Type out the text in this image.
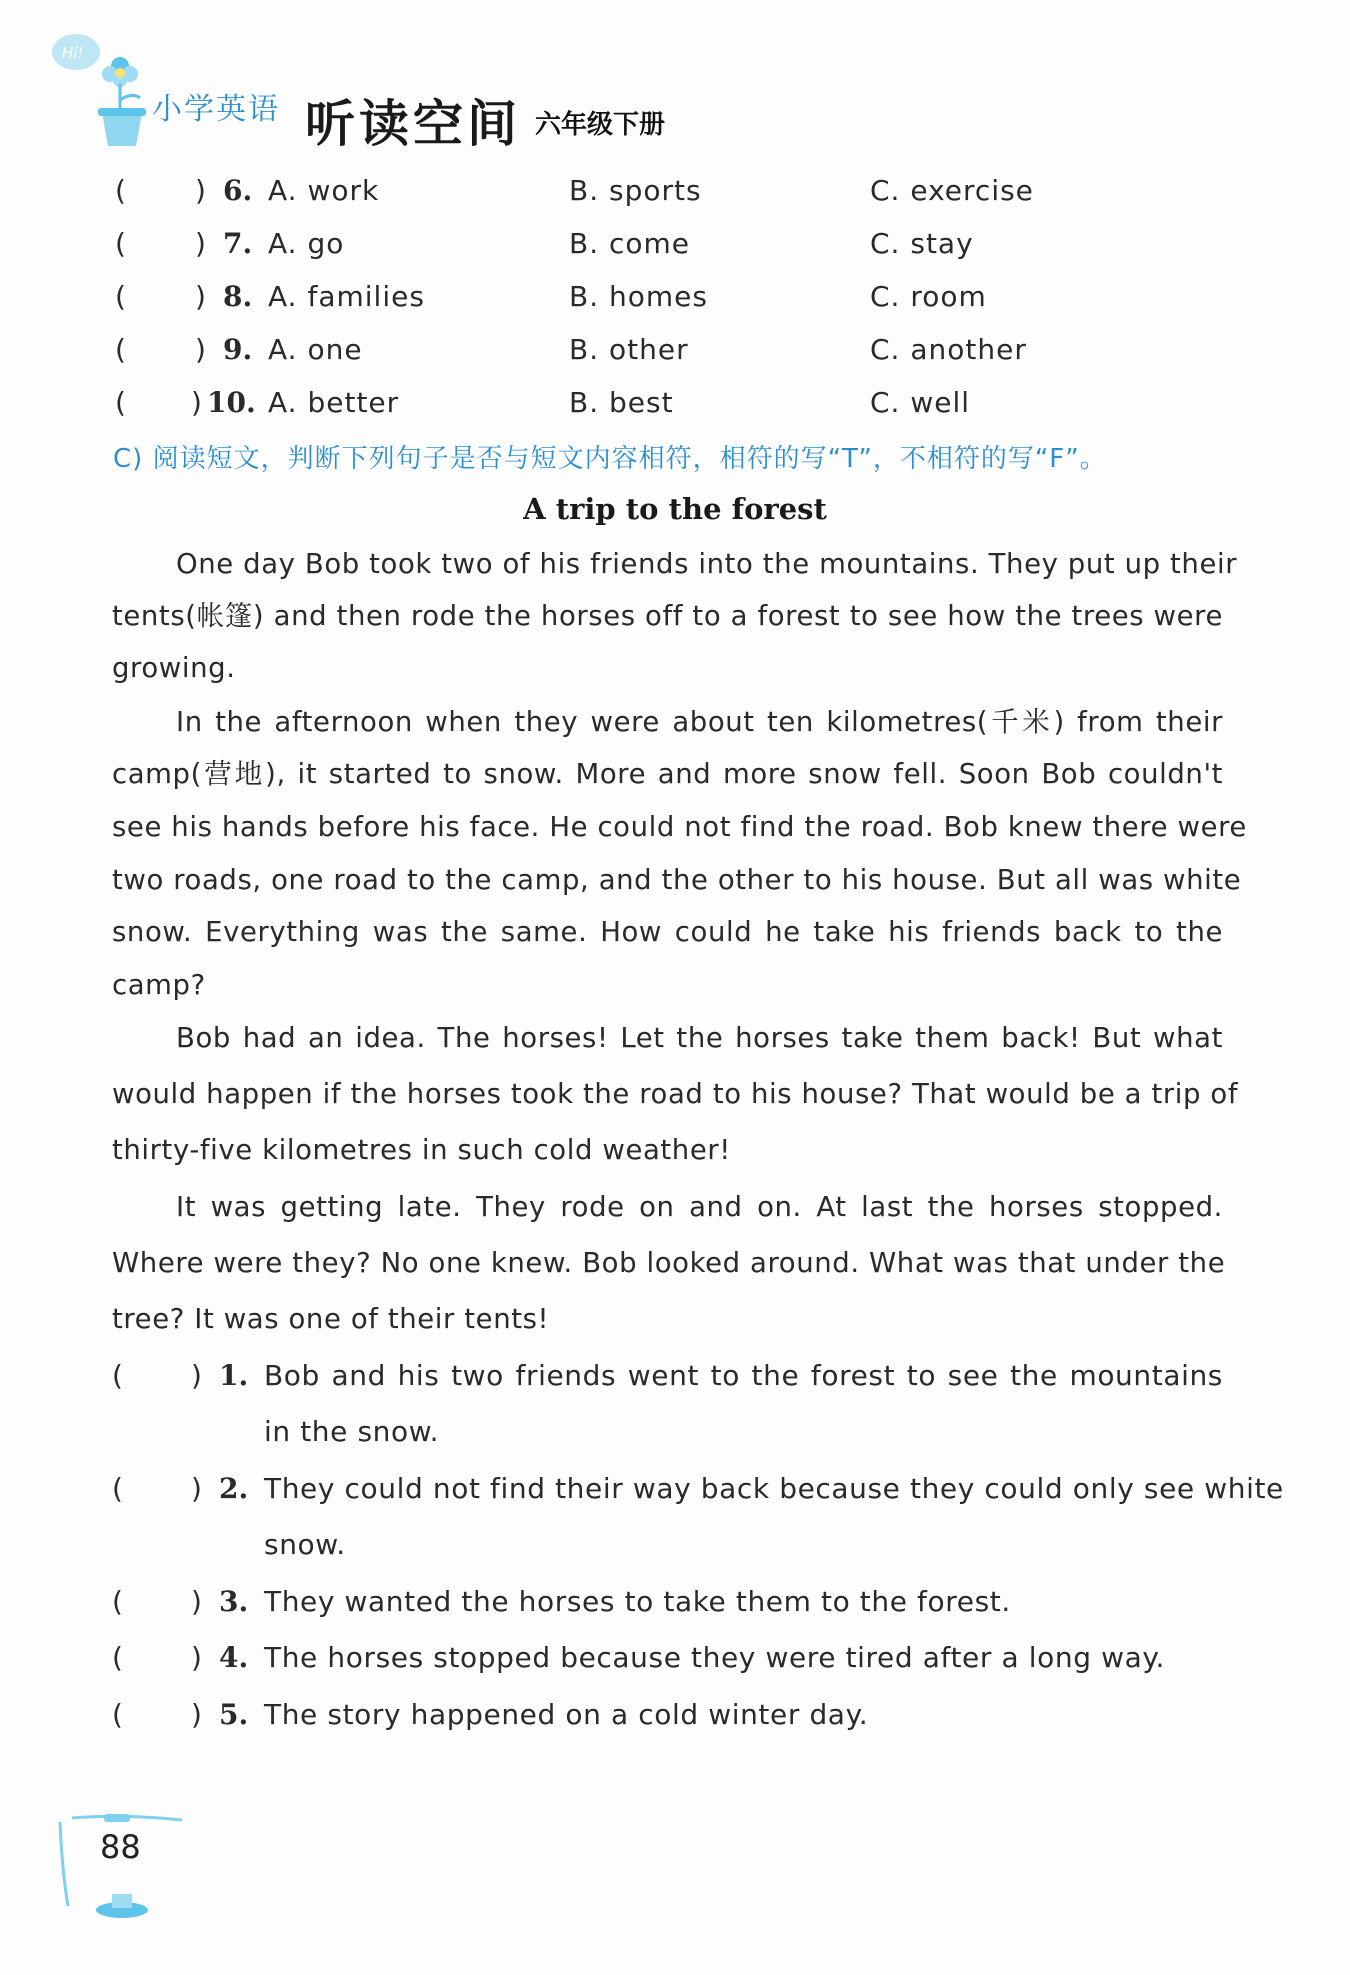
Hi!
小学英语 听读空间 六年级下册
( ) 6. A. work	B. sports	C. exercise
( ) 7. A. go	B. come	C. stay
( ) 8. A. families	B. homes	C. room
( ) 9. A. one	B. other	C. another
( ) 10. A. better	B. best	C. well
C) 阅读短文，判断下列句子是否与短文内容相符，相符的写“T”，不相符的写“F”。
A trip to the forest
One day Bob took two of his friends into the mountains. They put up their
tents(帐篷) and then rode the horses off to a forest to see how the trees were
growing.
In the afternoon when they were about ten kilometres(千米) from their
camp(营地), it started to snow. More and more snow fell. Soon Bob couldn't
see his hands before his face. He could not find the road. Bob knew there were
two roads, one road to the camp, and the other to his house. But all was white
snow. Everything was the same. How could he take his friends back to the
camp?
Bob had an idea. The horses! Let the horses take them back! But what
would happen if the horses took the road to his house? That would be a trip of
thirty-five kilometres in such cold weather!
It was getting late. They rode on and on. At last the horses stopped.
Where were they? No one knew. Bob looked around. What was that under the
tree? It was one of their tents!
( ) 1. Bob and his two friends went to the forest to see the mountains
in the snow.
( ) 2. They could not find their way back because they could only see white
snow.
( ) 3. They wanted the horses to take them to the forest.
( ) 4. The horses stopped because they were tired after a long way.
( ) 5. The story happened on a cold winter day.
88
